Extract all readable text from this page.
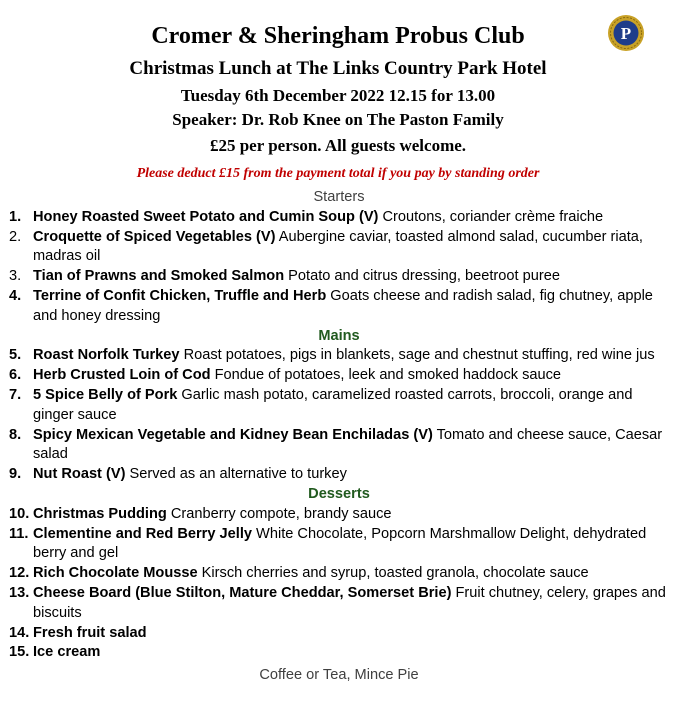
Cromer & Sheringham Probus Club
Christmas Lunch at The Links Country Park Hotel
Tuesday 6th December 2022 12.15 for 13.00
Speaker: Dr. Rob Knee on The Paston Family
£25 per person. All guests welcome.
Please deduct £15 from the payment total if you pay by standing order
P
Starters
1. Honey Roasted Sweet Potato and Cumin Soup (V) Croutons, coriander crème fraiche
2. Croquette of Spiced Vegetables (V) Aubergine caviar, toasted almond salad, cucumber riata, madras oil
3. Tian of Prawns and Smoked Salmon Potato and citrus dressing, beetroot puree
4. Terrine of Confit Chicken, Truffle and Herb Goats cheese and radish salad, fig chutney, apple and honey dressing
Mains
5. Roast Norfolk Turkey Roast potatoes, pigs in blankets, sage and chestnut stuffing, red wine jus
6. Herb Crusted Loin of Cod Fondue of potatoes, leek and smoked haddock sauce
7. 5 Spice Belly of Pork Garlic mash potato, caramelized roasted carrots, broccoli, orange and ginger sauce
8. Spicy Mexican Vegetable and Kidney Bean Enchiladas (V) Tomato and cheese sauce, Caesar salad
9. Nut Roast (V) Served as an alternative to turkey
Desserts
10. Christmas Pudding Cranberry compote, brandy sauce
11. Clementine and Red Berry Jelly White Chocolate, Popcorn Marshmallow Delight, dehydrated berry and gel
12. Rich Chocolate Mousse Kirsch cherries and syrup, toasted granola, chocolate sauce
13. Cheese Board (Blue Stilton, Mature Cheddar, Somerset Brie) Fruit chutney, celery, grapes and biscuits
14. Fresh fruit salad
15. Ice cream
Coffee or Tea, Mince Pie
